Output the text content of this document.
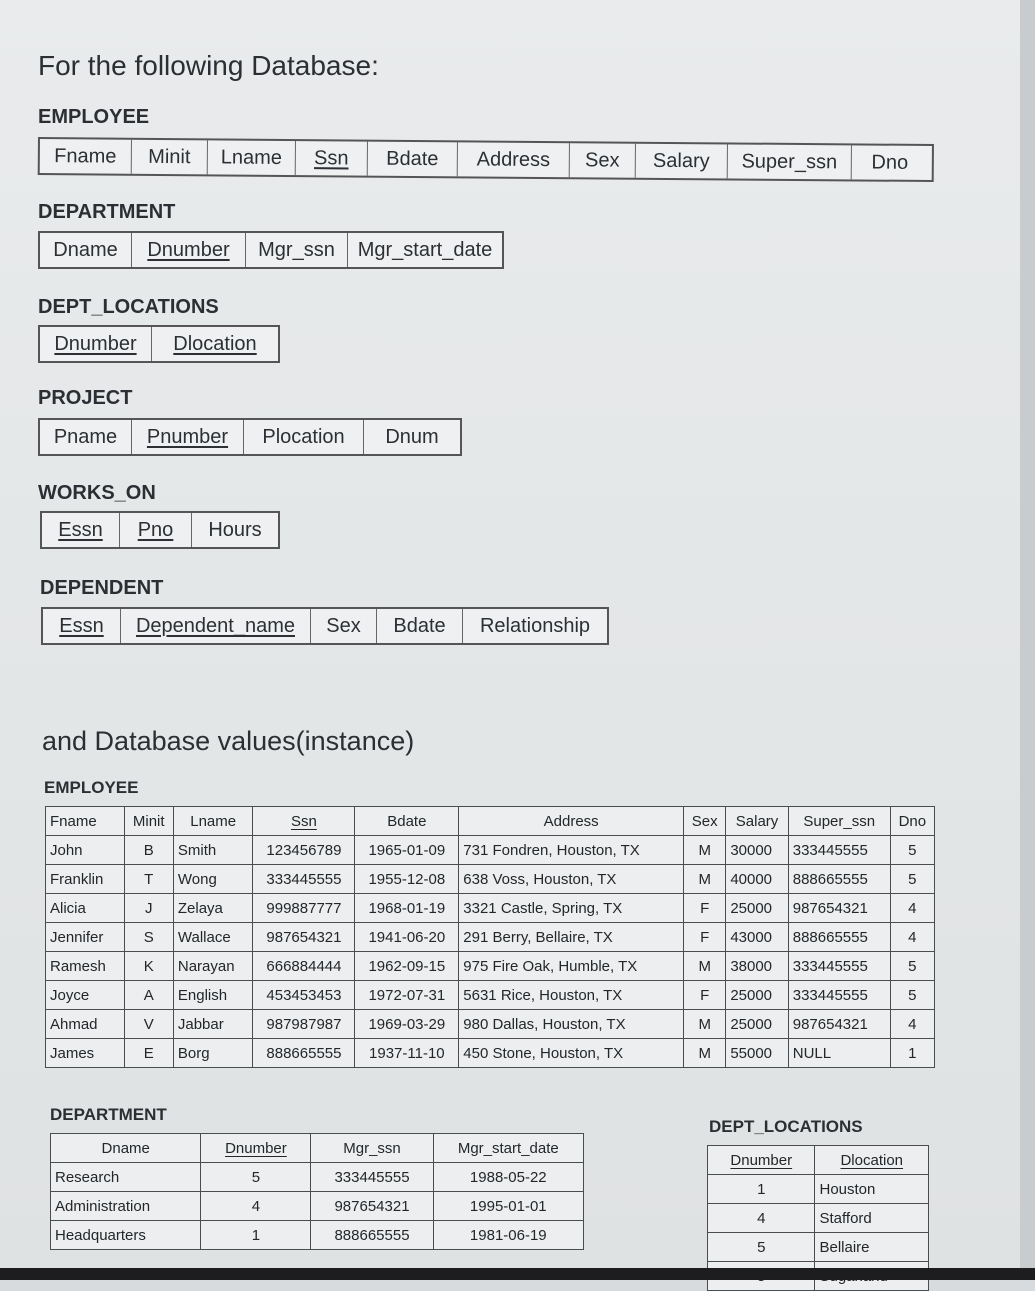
For the following Database:
EMPLOYEE
Fname Minit Lname Ssn Bdate Address Sex Salary Super_ssn Dno
DEPARTMENT
Dname Dnumber Mgr_ssn Mgr_start_date
DEPT_LOCATIONS
Dnumber Dlocation
PROJECT
Pname Pnumber Plocation Dnum
WORKS_ON
Essn Pno Hours
DEPENDENT
Essn Dependent_name Sex Bdate Relationship
and Database values(instance)
EMPLOYEE
Fname	Minit	Lname	Ssn	Bdate	Address	Sex	Salary	Super_ssn	Dno
John	B	Smith	123456789	1965-01-09	731 Fondren, Houston, TX	M	30000	333445555	5
Franklin	T	Wong	333445555	1955-12-08	638 Voss, Houston, TX	M	40000	888665555	5
Alicia	J	Zelaya	999887777	1968-01-19	3321 Castle, Spring, TX	F	25000	987654321	4
Jennifer	S	Wallace	987654321	1941-06-20	291 Berry, Bellaire, TX	F	43000	888665555	4
Ramesh	K	Narayan	666884444	1962-09-15	975 Fire Oak, Humble, TX	M	38000	333445555	5
Joyce	A	English	453453453	1972-07-31	5631 Rice, Houston, TX	F	25000	333445555	5
Ahmad	V	Jabbar	987987987	1969-03-29	980 Dallas, Houston, TX	M	25000	987654321	4
James	E	Borg	888665555	1937-11-10	450 Stone, Houston, TX	M	55000	NULL	1
DEPARTMENT
Dname	Dnumber	Mgr_ssn	Mgr_start_date
Research	5	333445555	1988-05-22
Administration	4	987654321	1995-01-01
Headquarters	1	888665555	1981-06-19
DEPT_LOCATIONS
Dnumber	Dlocation
1	Houston
4	Stafford
5	Bellaire
